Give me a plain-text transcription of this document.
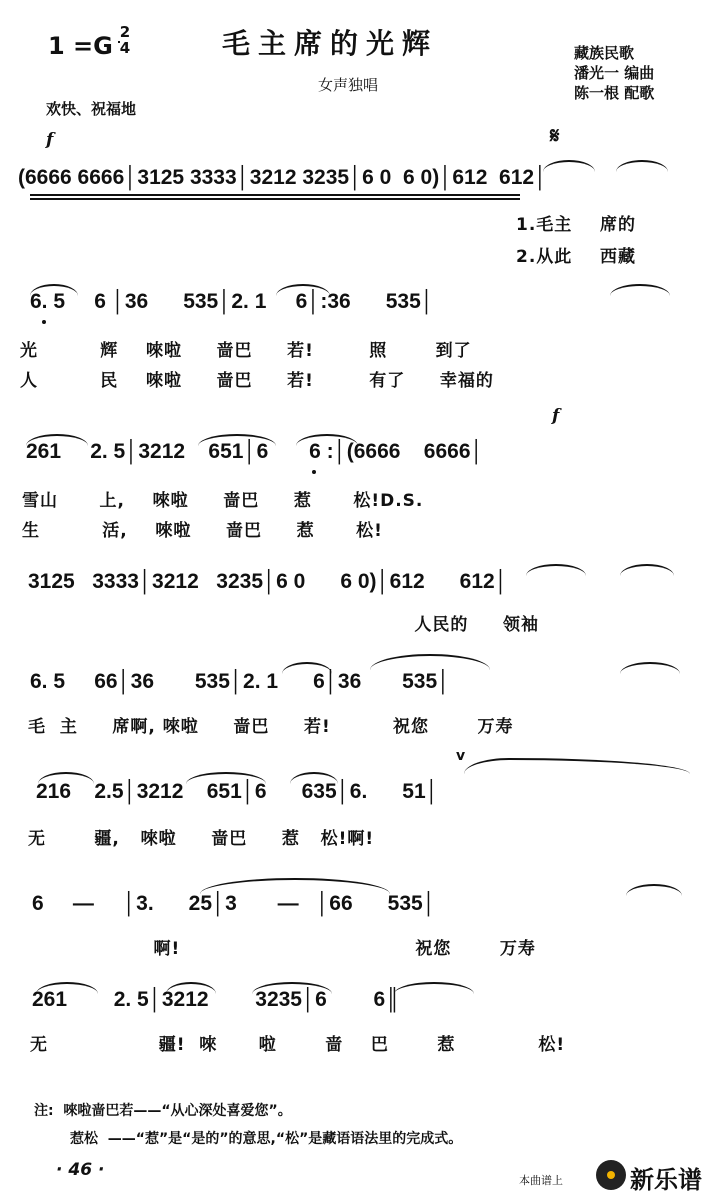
1 =G 2
4	毛主席的光辉
女声独唱
藏族民歌
潘光一 编曲
陈一根 配歌
欢快、祝福地
f	𝄋
(6666 6666│3125 3333│3212 3235│6 0  6 0)│612  612│
1.毛主    席的
2.从此    西藏
6. 5     6 │36      535│2. 1     6│:36      535│
光         辉    唻啦     啬巴     若!        照       到了
人         民    唻啦     啬巴     若!        有了     幸福的
f
261     2. 5│3212    651│6       6 :│(6666    6666│
雪山      上,    唻啦     啬巴     惹      松!D.S.
生         活,    唻啦     啬巴     惹      松!
3125   3333│3212   3235│6 0      6 0)│612      612│
人民的     领袖
6. 5     66│36       535│2. 1      6│36       535│
毛  主     席啊, 唻啦     啬巴     若!         祝您       万寿
v
216    2.5│3212    651│6      635│6.      51│
无       疆,   唻啦     啬巴     惹   松!啊!
6     —     │3.      25│3       —   │66      535│
啊!                                  祝您       万寿
261        2. 5│3212        3235│6        6║
无                疆!  唻      啦       啬    巴       惹            松!
注:  唻啦啬巴若——“从心深处喜爱您”。
惹松  ——“惹”是“是的”的意思,“松”是藏语语法里的完成式。
· 46 ·
本曲谱上	新乐谱
